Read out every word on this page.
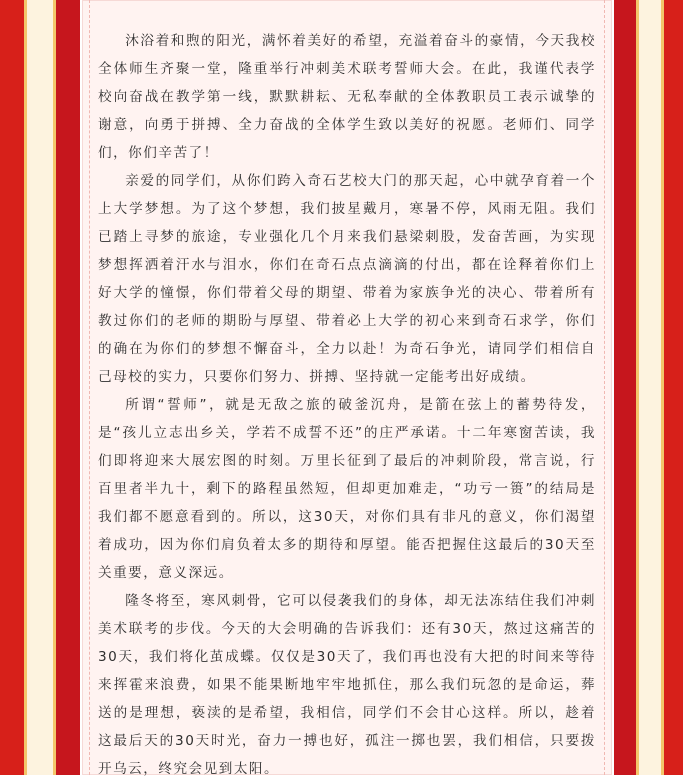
沐浴着和煦的阳光，满怀着美好的希望，充溢着奋斗的豪情，今天我校全体师生齐聚一堂，隆重举行冲刺美术联考誓师大会。在此，我谨代表学校向奋战在教学第一线，默默耕耘、无私奉献的全体教职员工表示诚挚的谢意，向勇于拼搏、全力奋战的全体学生致以美好的祝愿。老师们、同学们，你们辛苦了！

亲爱的同学们，从你们跨入奇石艺校大门的那天起，心中就孕育着一个上大学梦想。为了这个梦想，我们披星戴月，寒暑不停，风雨无阻。我们已踏上寻梦的旅途，专业强化几个月来我们悬梁刺股，发奋苦画，为实现梦想挥洒着汗水与泪水，你们在奇石点点滴滴的付出，都在诠释着你们上好大学的憧憬，你们带着父母的期望、带着为家族争光的决心、带着所有教过你们的老师的期盼与厚望、带着必上大学的初心来到奇石求学，你们的确在为你们的梦想不懈奋斗，全力以赴！为奇石争光，请同学们相信自己母校的实力，只要你们努力、拼搏、坚持就一定能考出好成绩。

所谓“誓师”，就是无敌之旅的破釜沉舟，是箭在弦上的蓄势待发，是“孩儿立志出乡关，学若不成誓不还”的庄严承诺。十二年寒窗苦读，我们即将迎来大展宏图的时刻。万里长征到了最后的冲刺阶段，常言说，行百里者半九十，剩下的路程虽然短，但却更加难走，“功亏一篑”的结局是我们都不愿意看到的。所以，这30天，对你们具有非凡的意义，你们渴望着成功，因为你们肩负着太多的期待和厚望。能否把握住这最后的30天至关重要，意义深远。

隆冬将至，寒风刺骨，它可以侵袭我们的身体，却无法冻结住我们冲刺美术联考的步伐。今天的大会明确的告诉我们：还有30天，熬过这痛苦的30天，我们将化茧成蝶。仅仅是30天了，我们再也没有大把的时间来等待来挥霍来浪费，如果不能果断地牢牢地抓住，那么我们玩忽的是命运，葬送的是理想，亵渎的是希望，我相信，同学们不会甘心这样。所以，趁着这最后天的30天时光，奋力一搏也好，孤注一掷也罢，我们相信，只要拨开乌云，终究会见到太阳。
